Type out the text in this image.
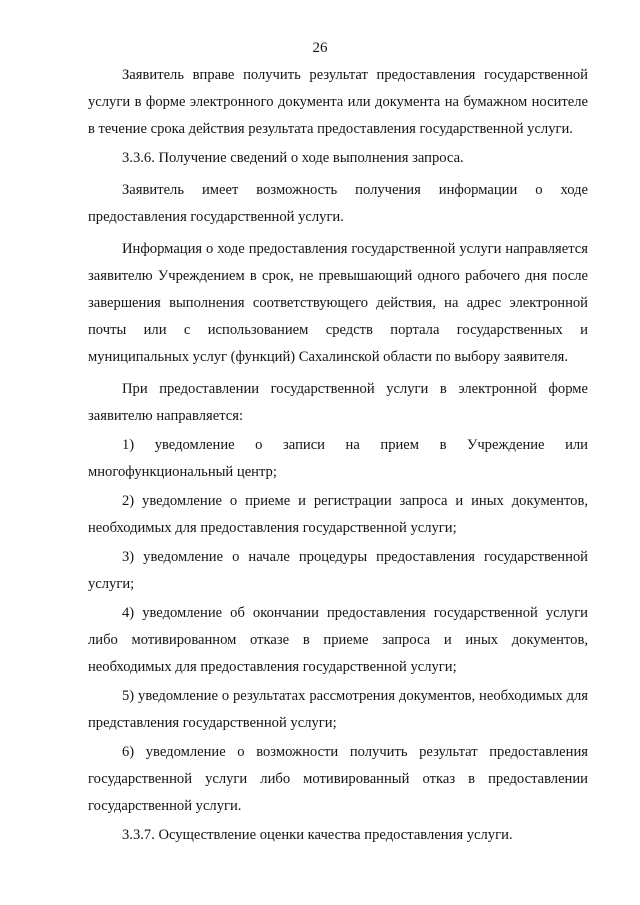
26

Заявитель вправе получить результат предоставления государственной услуги в форме электронного документа или документа на бумажном носителе в течение срока действия результата предоставления государственной услуги.

3.3.6. Получение сведений о ходе выполнения запроса.

Заявитель имеет возможность получения информации о ходе предоставления государственной услуги.

Информация о ходе предоставления государственной услуги направляется заявителю Учреждением в срок, не превышающий одного рабочего дня после завершения выполнения соответствующего действия, на адрес электронной почты или с использованием средств портала государственных и муниципальных услуг (функций) Сахалинской области по выбору заявителя.

При предоставлении государственной услуги в электронной форме заявителю направляется:

1) уведомление о записи на прием в Учреждение или многофункциональный центр;

2) уведомление о приеме и регистрации запроса и иных документов, необходимых для предоставления государственной услуги;

3) уведомление о начале процедуры предоставления государственной услуги;

4) уведомление об окончании предоставления государственной услуги либо мотивированном отказе в приеме запроса и иных документов, необходимых для предоставления государственной услуги;

5) уведомление о результатах рассмотрения документов, необходимых для представления государственной услуги;

6) уведомление о возможности получить результат предоставления государственной услуги либо мотивированный отказ в предоставлении государственной услуги.

3.3.7. Осуществление оценки качества предоставления услуги.
